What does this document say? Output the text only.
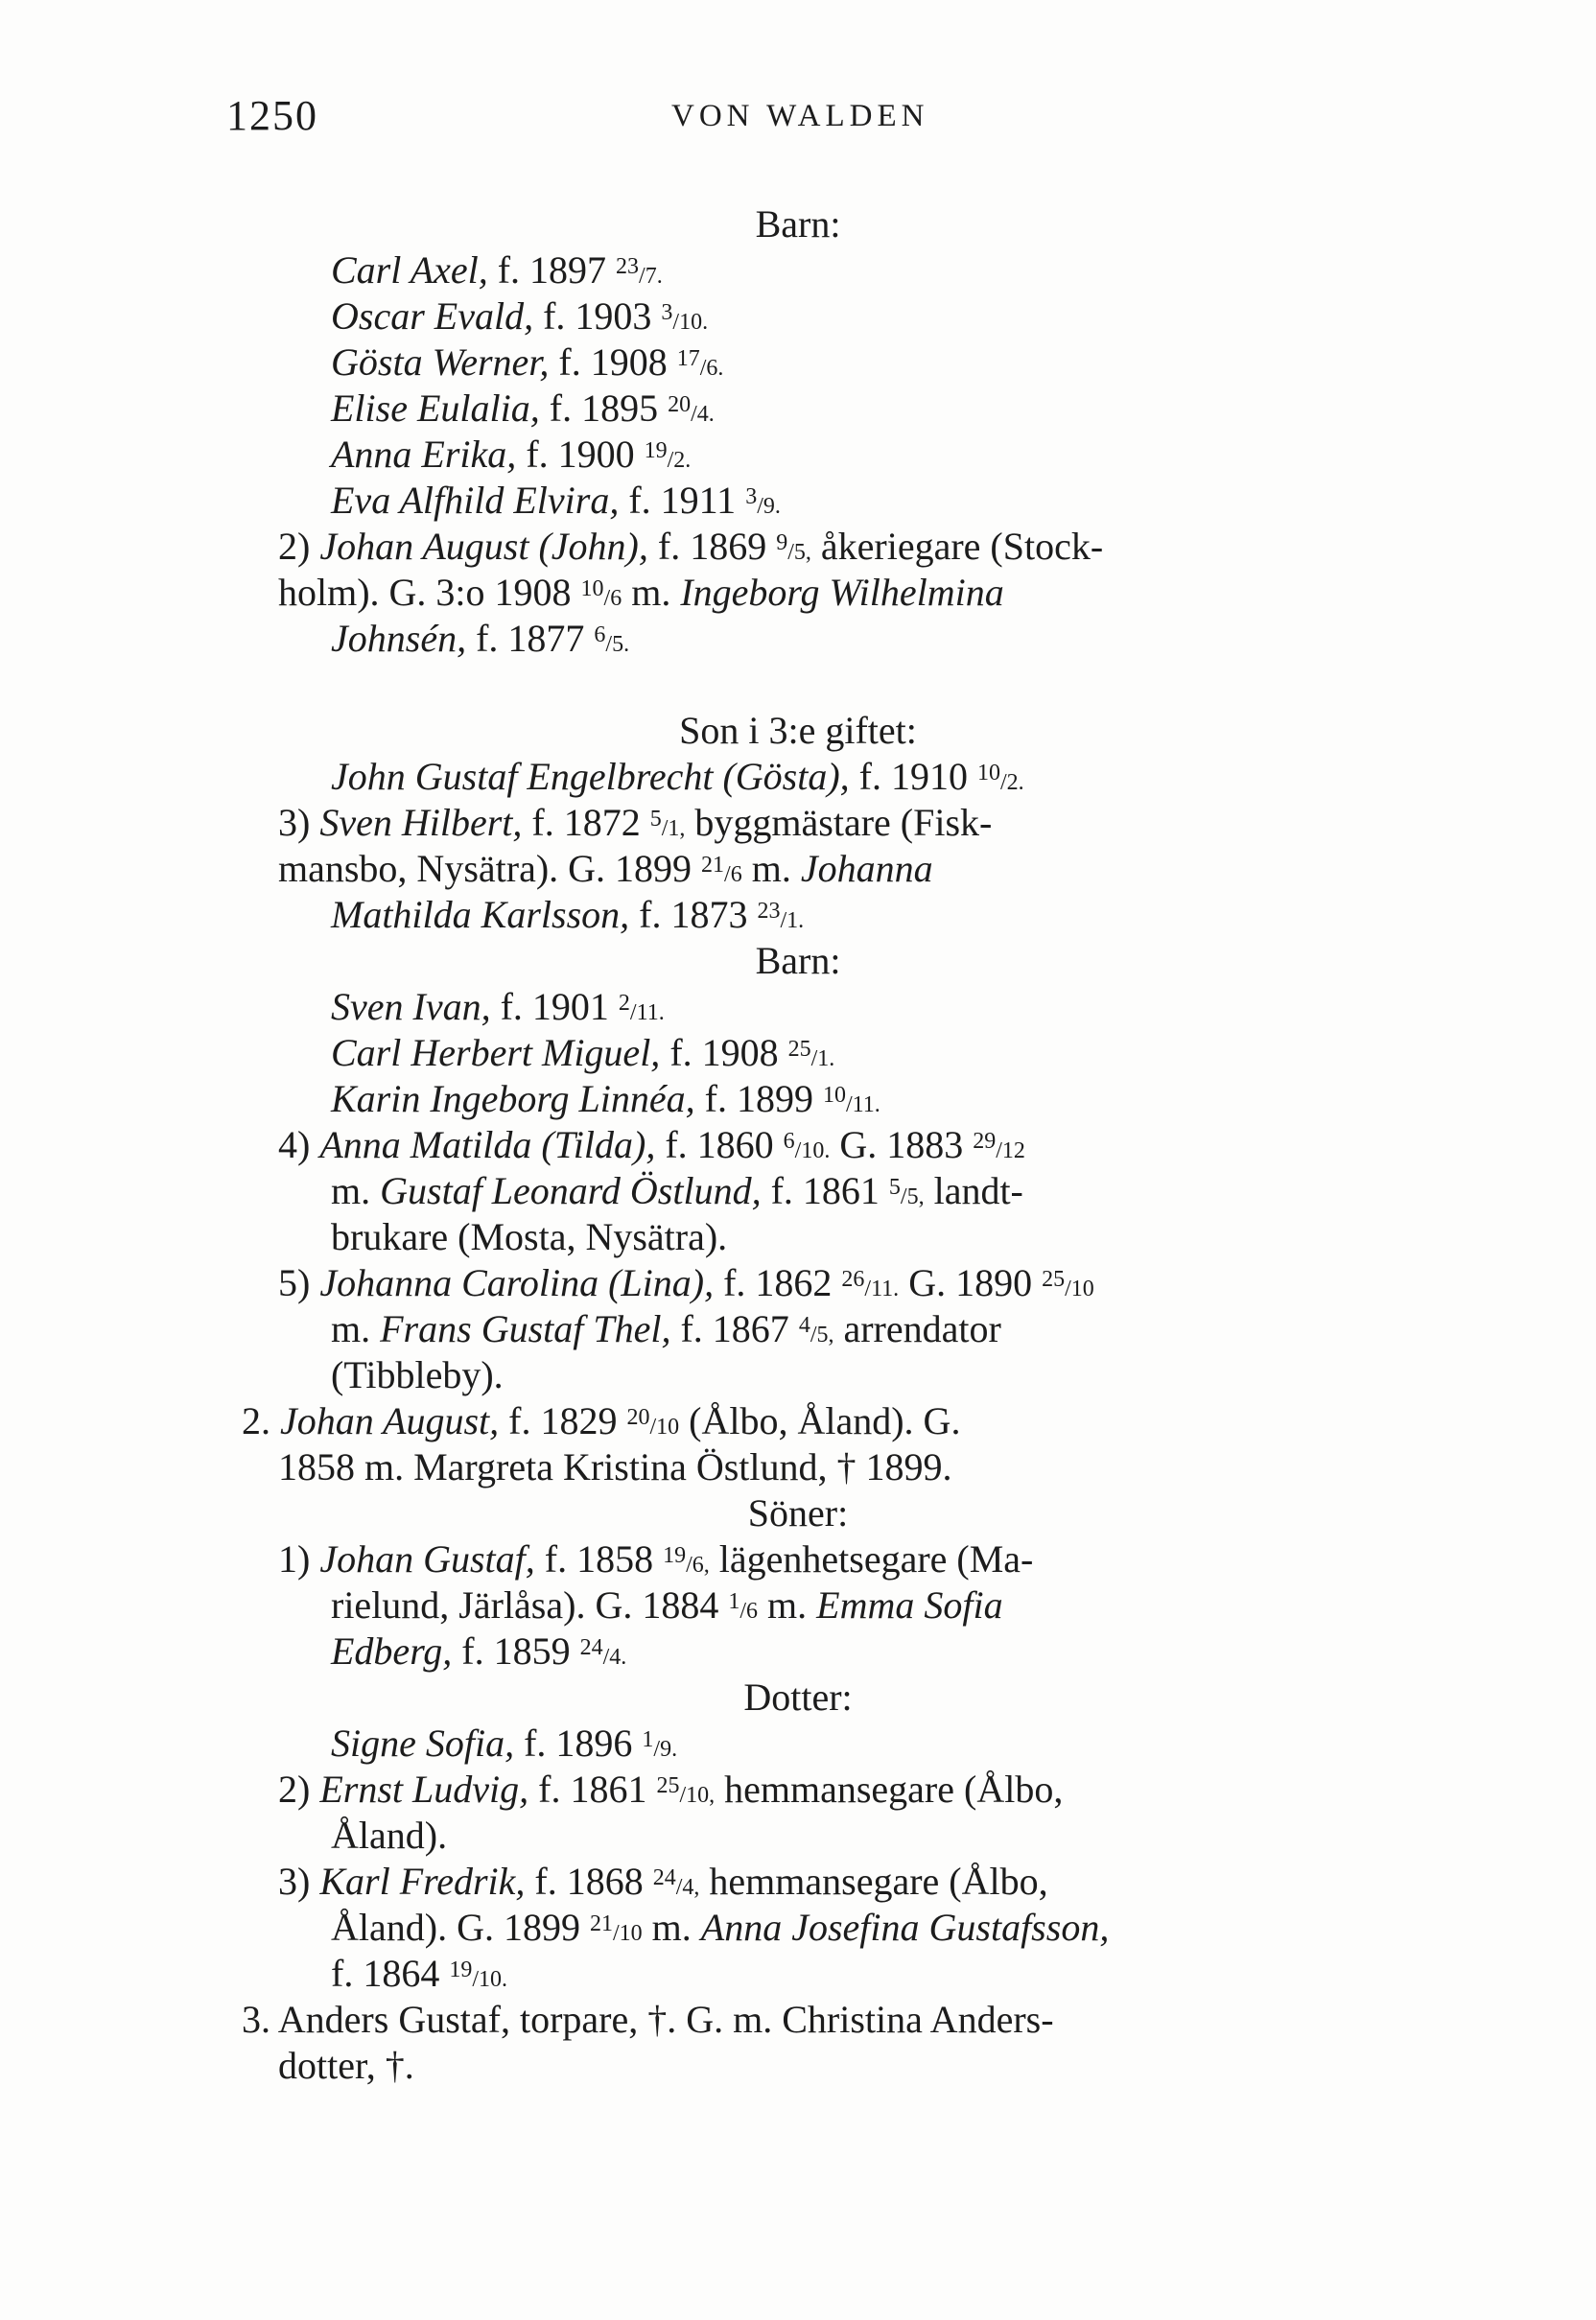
1250	VON WALDEN
Barn:
Carl Axel, f. 1897 $^{23}$/7.
Oscar Evald, f. 1903 $^3$/10.
Gösta Werner, f. 1908 $^{17}$/6.
Elise Eulalia, f. 1895 $^{20}$/4.
Anna Erika, f. 1900 $^{19}$/2.
Eva Alfhild Elvira, f. 1911 $^3$/9.
2) Johan August (John), f. 1869 $^9$/5, åkeriegare (Stock-
holm). G. 3:o 1908 $^{10}$/6 m. Ingeborg Wilhelmina
Johnsén, f. 1877 $^6$/5.
Son i 3:e giftet:
John Gustaf Engelbrecht (Gösta), f. 1910 $^{10}$/2.
3) Sven Hilbert, f. 1872 $^5$/1, byggmästare (Fisk-
mansbo, Nysätra). G. 1899 $^{21}$/6 m. Johanna
Mathilda Karlsson, f. 1873 $^{23}$/1.
Barn:
Sven Ivan, f. 1901 $^2$/11.
Carl Herbert Miguel, f. 1908 $^{25}$/1.
Karin Ingeborg Linnéa, f. 1899 $^{10}$/11.
4) Anna Matilda (Tilda), f. 1860 $^6$/10. G. 1883 $^{29}$/12
m. Gustaf Leonard Östlund, f. 1861 $^5$/5, landt-
brukare (Mosta, Nysätra).
5) Johanna Carolina (Lina), f. 1862 $^{26}$/11. G. 1890 $^{25}$/10
m. Frans Gustaf Thel, f. 1867 $^4$/5, arrendator
(Tibbleby).
2. Johan August, f. 1829 $^{20}$/10 (Ålbo, Åland). G.
1858 m. Margreta Kristina Östlund, † 1899.
Söner:
1) Johan Gustaf, f. 1858 $^{19}$/6, lägenhetsegare (Ma-
rielund, Järlåsa). G. 1884 $^1$/6 m. Emma Sofia
Edberg, f. 1859 $^{24}$/4.
Dotter:
Signe Sofia, f. 1896 $^1$/9.
2) Ernst Ludvig, f. 1861 $^{25}$/10, hemmansegare (Ålbo,
Åland).
3) Karl Fredrik, f. 1868 $^{24}$/4, hemmansegare (Ålbo,
Åland). G. 1899 $^{21}$/10 m. Anna Josefina Gustafsson,
f. 1864 $^{19}$/10.
3. Anders Gustaf, torpare, †. G. m. Christina Anders-
dotter, †.
